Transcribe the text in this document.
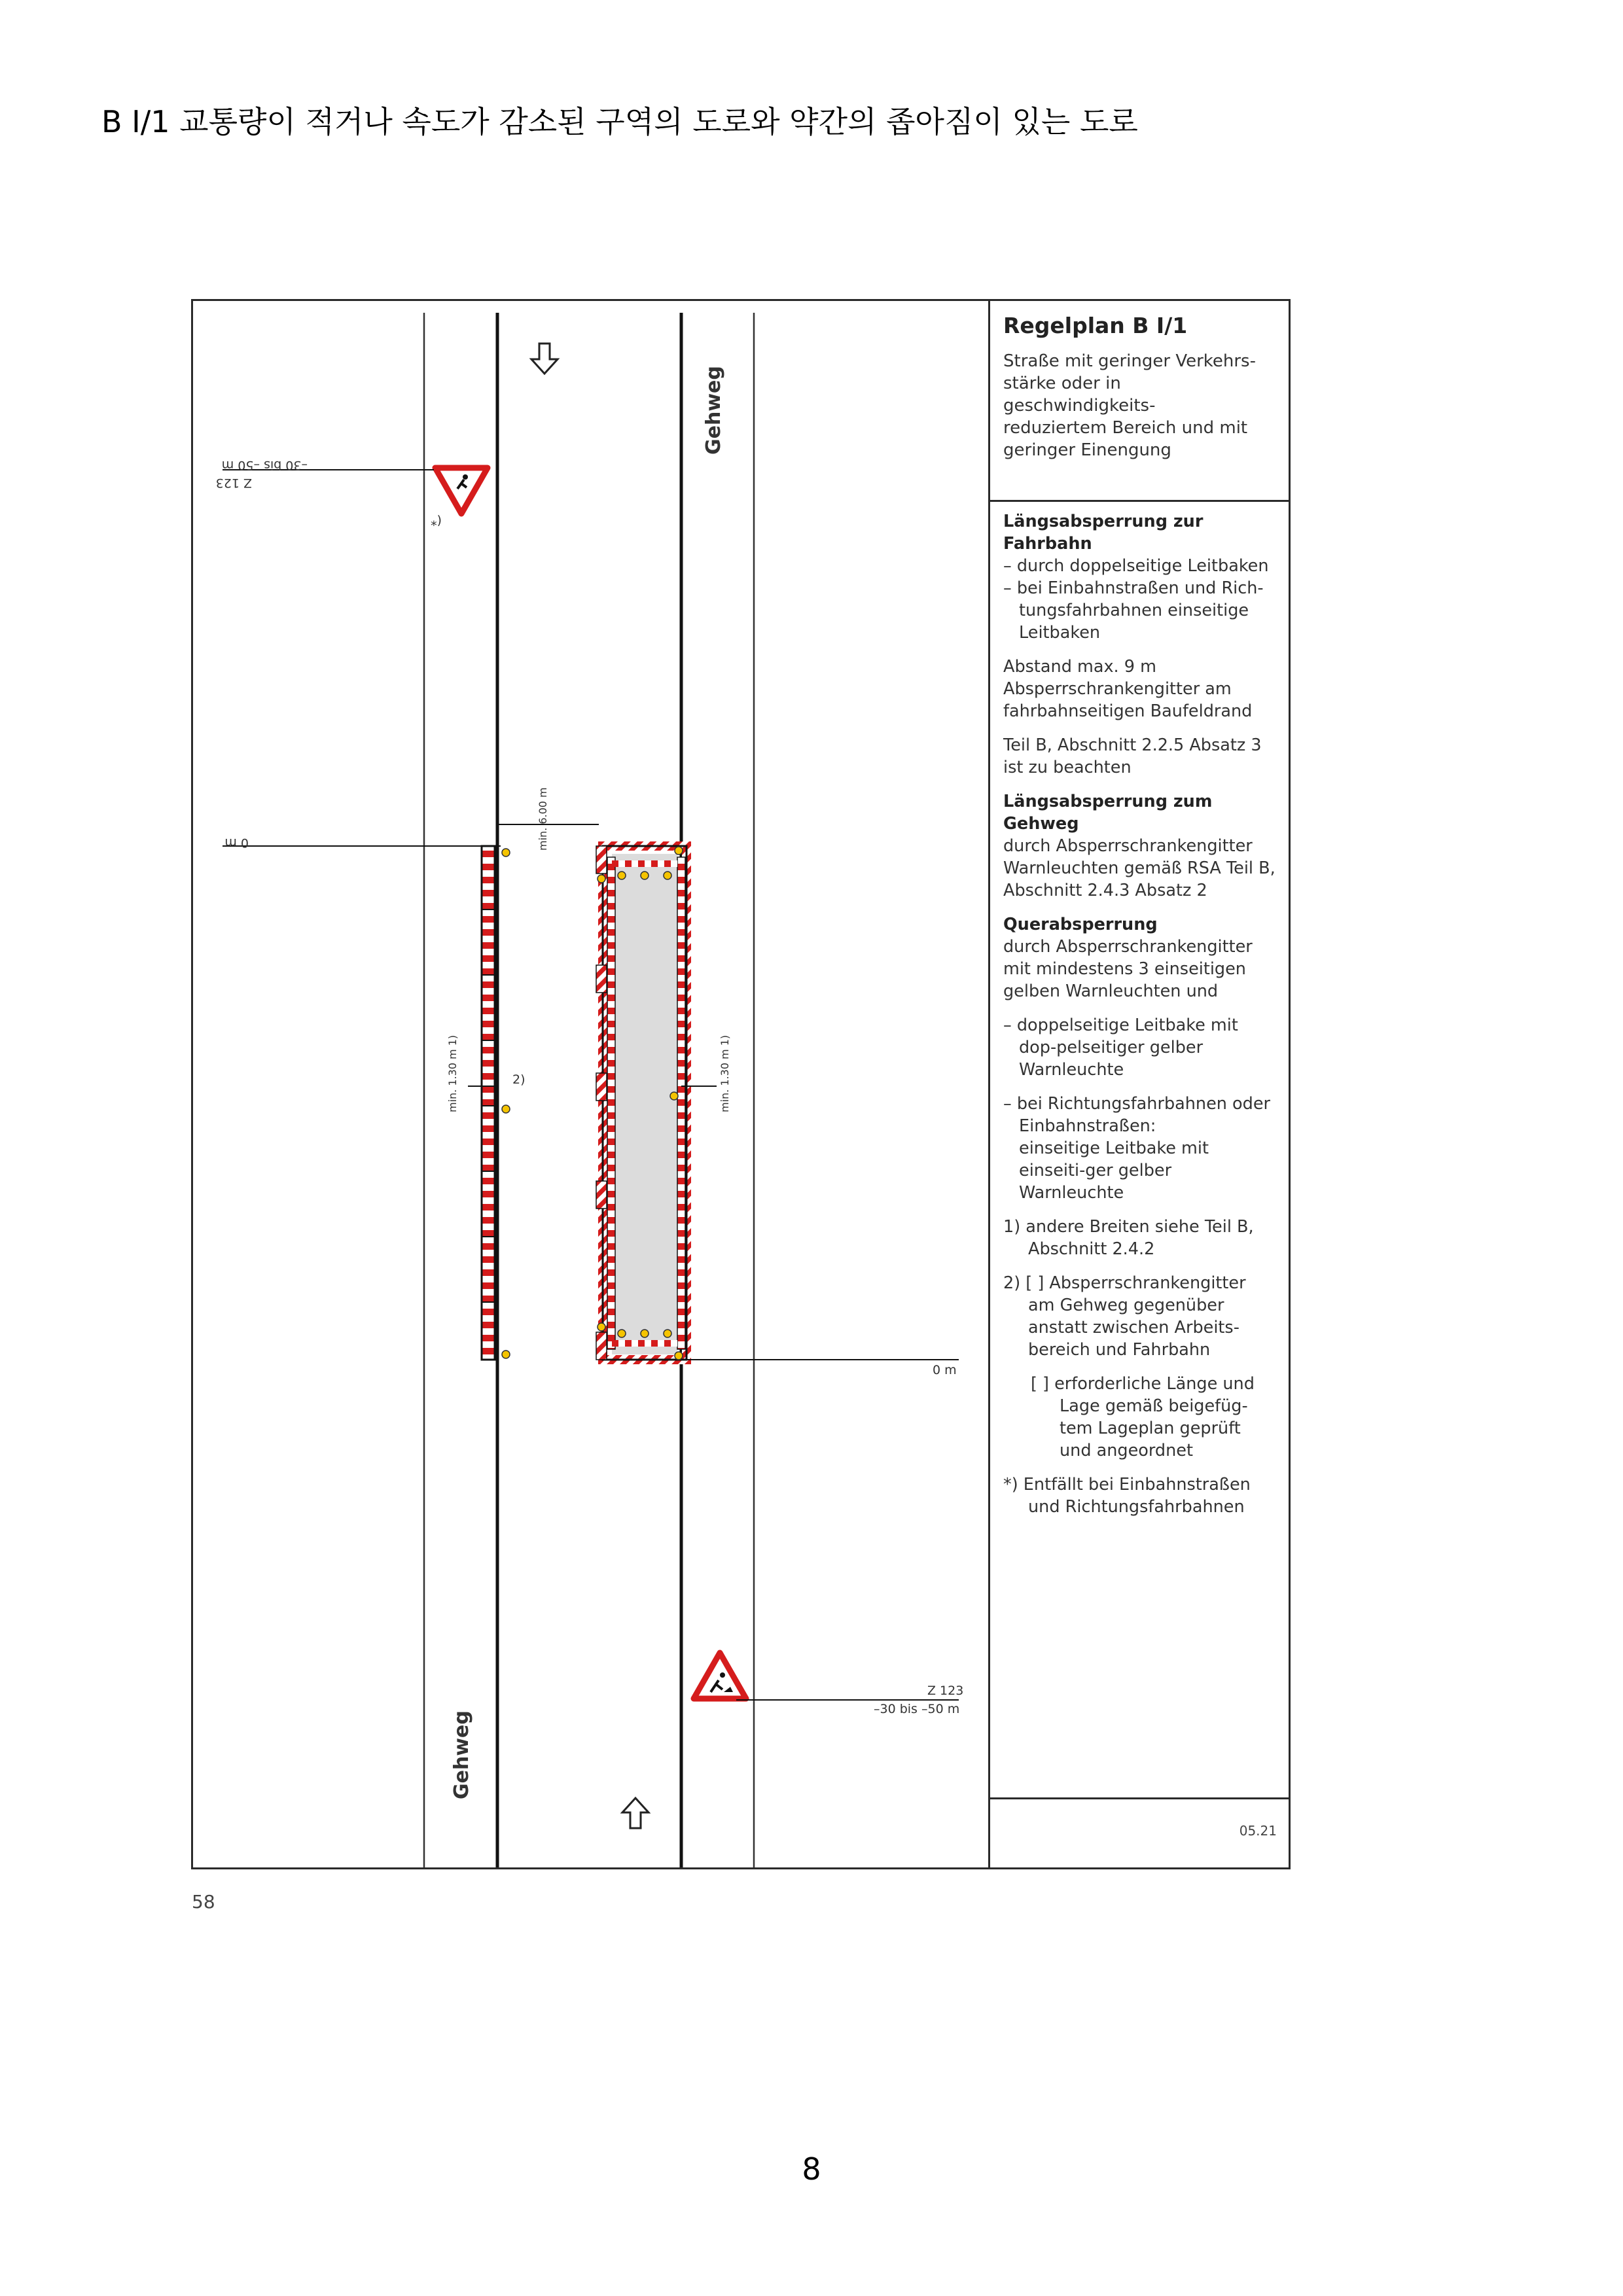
B I/1 교통량이 적거나 속도가 감소된 구역의 도로와 약간의 좁아짐이 있는 도로
Gehweg
Gehweg
–30 bis –50 m
Z 123
(*
0 m
2)
min. 1.30 m 1)
min. 6.00 m
min. 1.30 m 1)
0 m
Z 123
–30 bis –50 m
Regelplan B I/1
Straße mit geringer Verkehrs-
stärke oder in geschwindigkeits-
reduziertem Bereich und mit
geringer Einengung
Längsabsperrung zur Fahrbahn
– durch doppelseitige Leitbaken
– bei Einbahnstraßen und Rich-tungsfahrbahnen einseitige Leitbaken
Abstand max. 9 m
Absperrschrankengitter am
fahrbahnseitigen Baufeldrand
Teil B, Abschnitt 2.2.5 Absatz 3
ist zu beachten
Längsabsperrung zum Gehweg
durch Absperrschrankengitter
Warnleuchten gemäß RSA Teil B,
Abschnitt 2.4.3 Absatz 2
Querabsperrung
durch Absperrschrankengitter
mit mindestens 3 einseitigen
gelben Warnleuchten und
– doppelseitige Leitbake mit dop-pelseitiger gelber Warnleuchte
– bei Richtungsfahrbahnen oder Einbahnstraßen:
einseitige Leitbake mit einseiti-ger gelber Warnleuchte
1) andere Breiten siehe Teil B, Abschnitt 2.4.2
2) [ ] Absperrschrankengitter am Gehweg gegenüber anstatt zwischen Arbeits-bereich und Fahrbahn
[ ] erforderliche Länge und Lage gemäß beigefüg-tem Lageplan geprüft und angeordnet
*) Entfällt bei Einbahnstraßen und Richtungsfahrbahnen
05.21
58
8
